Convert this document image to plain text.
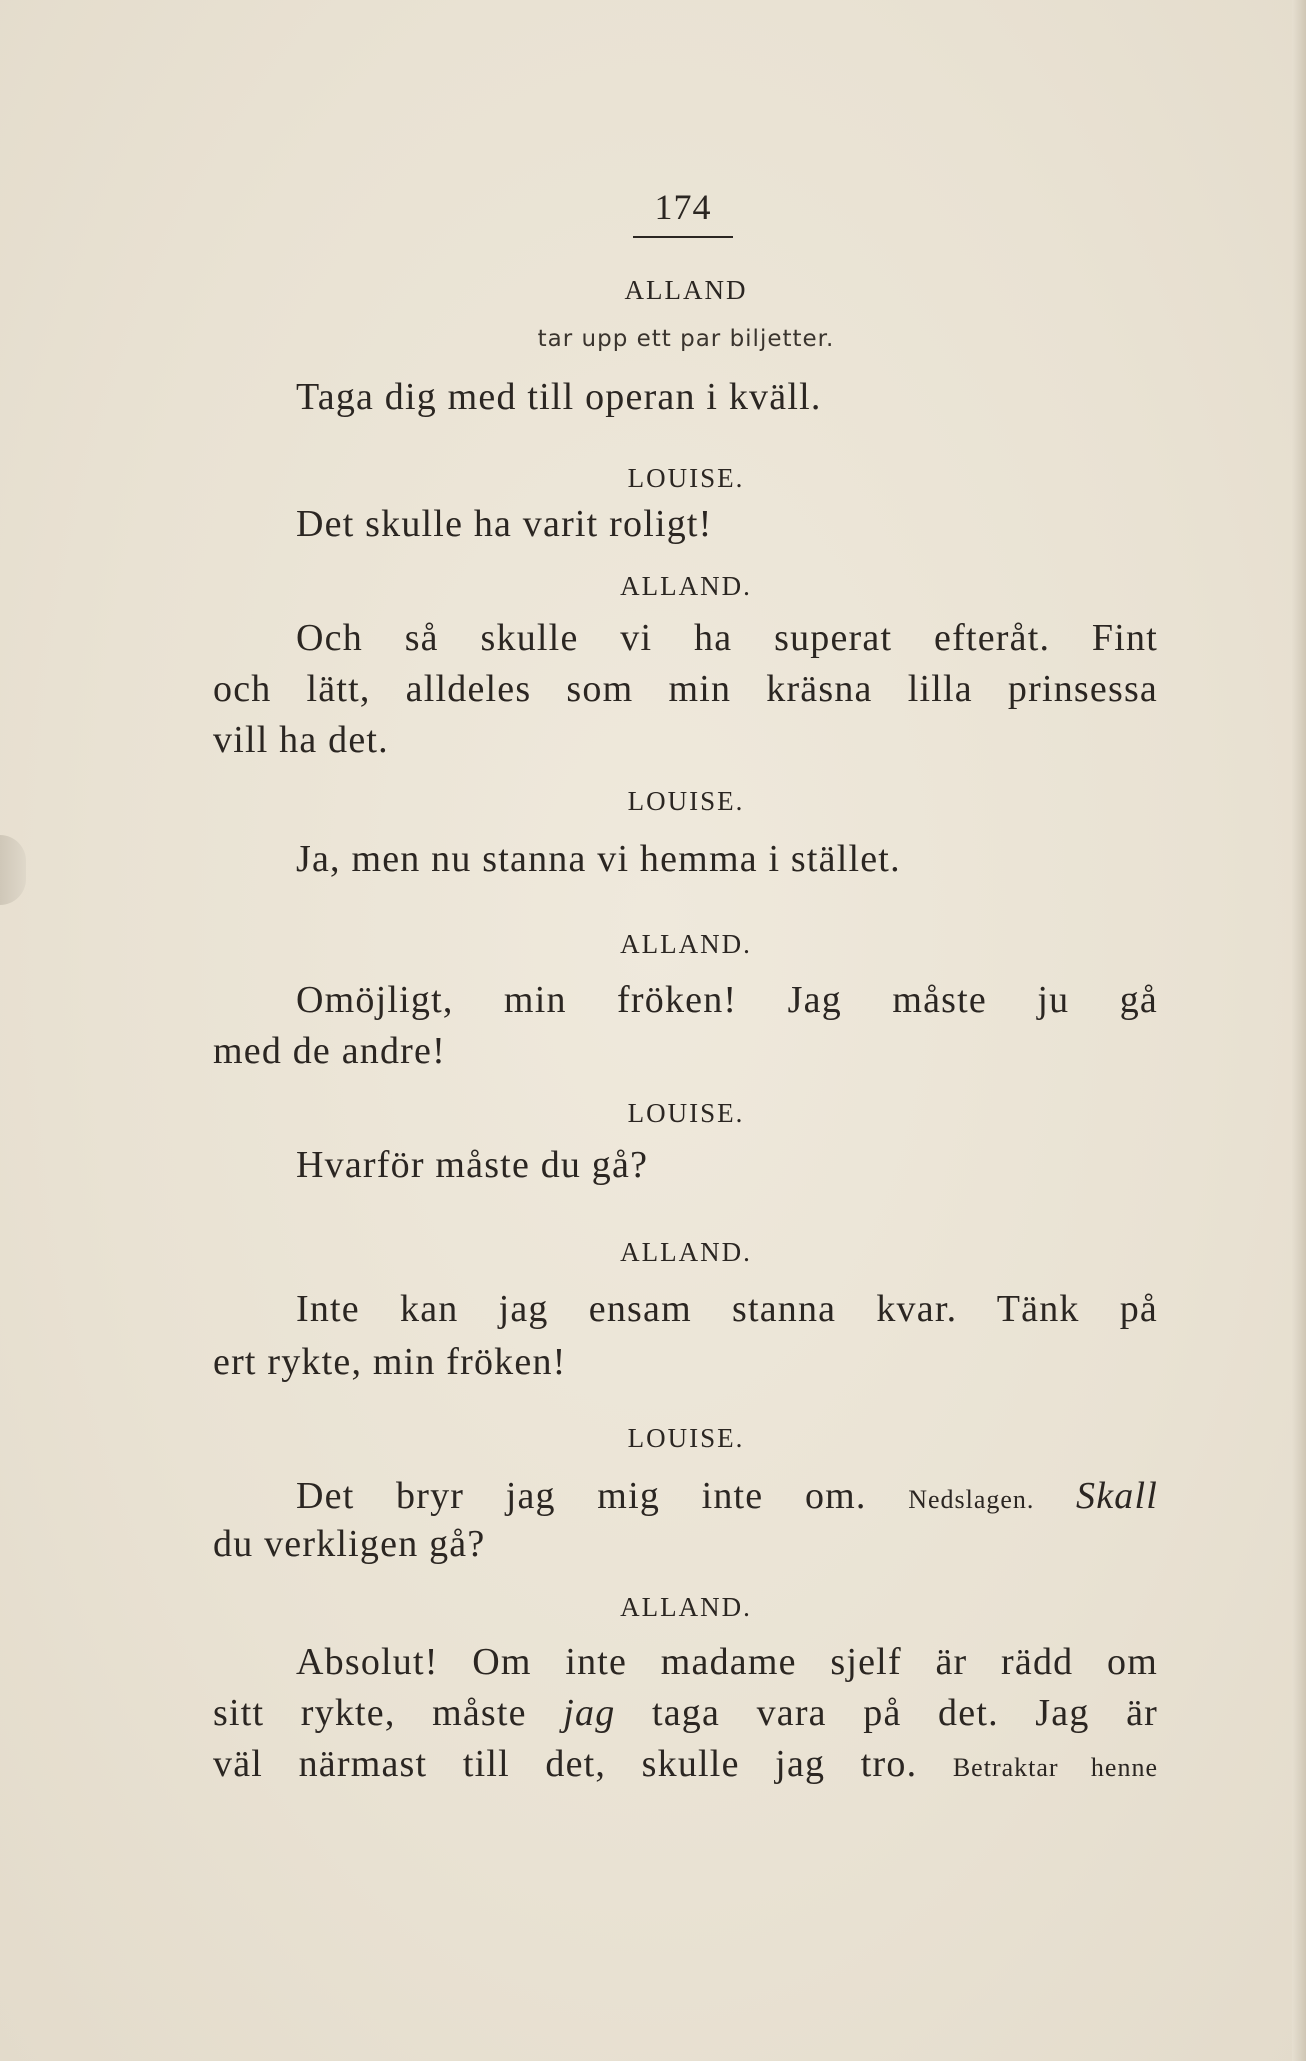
174
ALLAND
tar upp ett par biljetter.
Taga dig med till operan i kväll.
LOUISE.
Det skulle ha varit roligt!
ALLAND.
Och så skulle vi ha superat efteråt. Fint
och lätt, alldeles som min kräsna lilla prinsessa
vill ha det.
LOUISE.
Ja, men nu stanna vi hemma i stället.
ALLAND.
Omöjligt, min fröken! Jag måste ju gå
med de andre!
LOUISE.
Hvarför måste du gå?
ALLAND.
Inte kan jag ensam stanna kvar. Tänk på
ert rykte, min fröken!
LOUISE.
Det bryr jag mig inte om. Nedslagen. Skall
du verkligen gå?
ALLAND.
Absolut! Om inte madame sjelf är rädd om
sitt rykte, måste jag taga vara på det. Jag är
väl närmast till det, skulle jag tro. Betraktar henne
